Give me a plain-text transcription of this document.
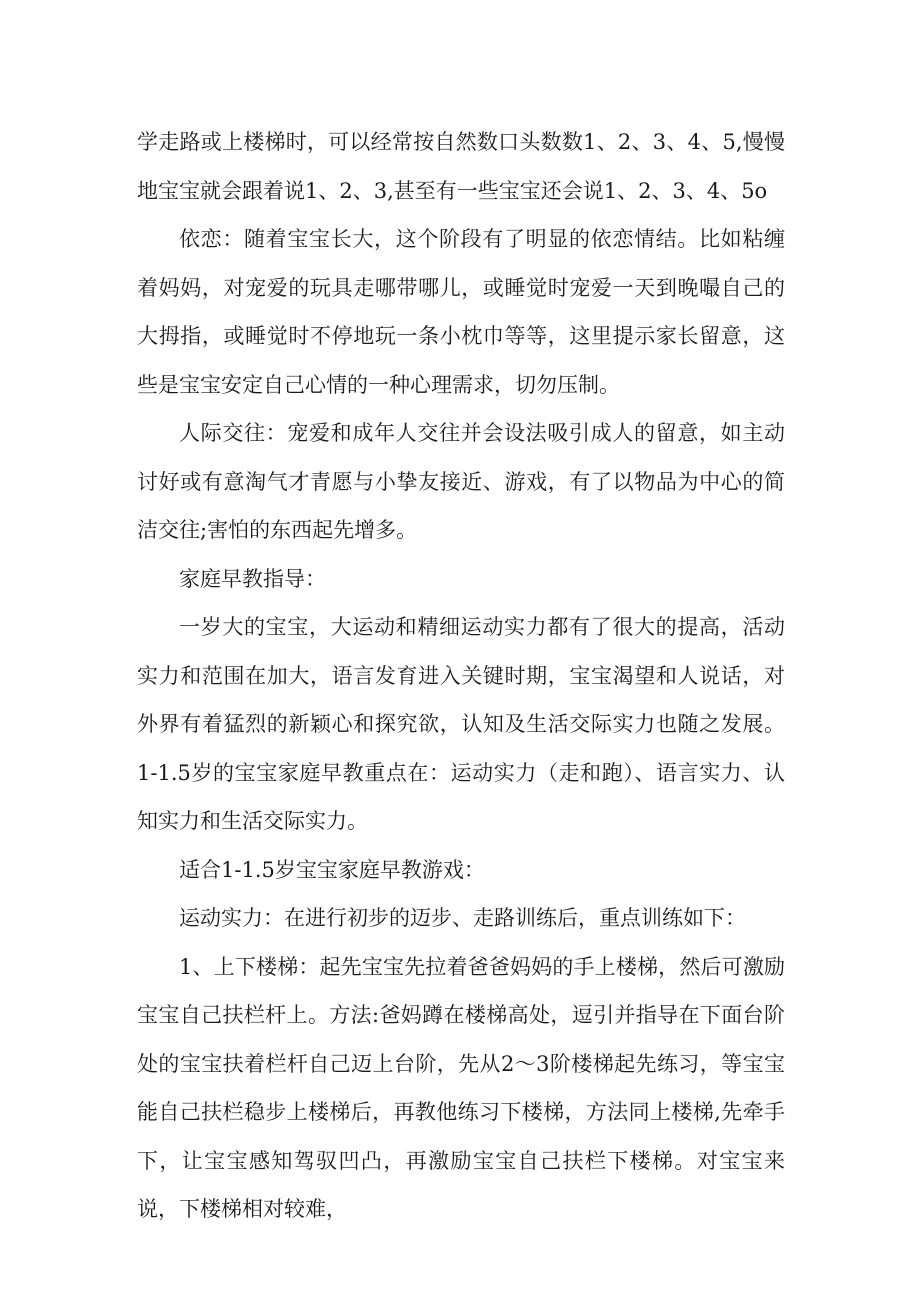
学走路或上楼梯时，可以经常按自然数口头数数1、2、3、4、5,慢慢地宝宝就会跟着说1、2、3,甚至有一些宝宝还会说1、2、3、4、5o

依恋：随着宝宝长大，这个阶段有了明显的依恋情结。比如粘缠着妈妈，对宠爱的玩具走哪带哪儿，或睡觉时宠爱一天到晚嘬自己的大拇指，或睡觉时不停地玩一条小枕巾等等，这里提示家长留意，这些是宝宝安定自己心情的一种心理需求，切勿压制。

人际交往：宠爱和成年人交往并会设法吸引成人的留意，如主动讨好或有意淘气才青愿与小挚友接近、游戏，有了以物品为中心的简洁交往;害怕的东西起先增多。

家庭早教指导：

一岁大的宝宝，大运动和精细运动实力都有了很大的提高，活动实力和范围在加大，语言发育进入关键时期，宝宝渴望和人说话，对外界有着猛烈的新颖心和探究欲，认知及生活交际实力也随之发展。1-1.5岁的宝宝家庭早教重点在：运动实力（走和跑）、语言实力、认知实力和生活交际实力。

适合1-1.5岁宝宝家庭早教游戏：

运动实力：在进行初步的迈步、走路训练后，重点训练如下：

1、上下楼梯：起先宝宝先拉着爸爸妈妈的手上楼梯，然后可激励宝宝自己扶栏杆上。方法:爸妈蹲在楼梯高处，逗引并指导在下面台阶处的宝宝扶着栏杆自己迈上台阶，先从2～3阶楼梯起先练习，等宝宝能自己扶栏稳步上楼梯后，再教他练习下楼梯，方法同上楼梯,先牵手下，让宝宝感知驾驭凹凸，再激励宝宝自己扶栏下楼梯。对宝宝来说，下楼梯相对较难，
